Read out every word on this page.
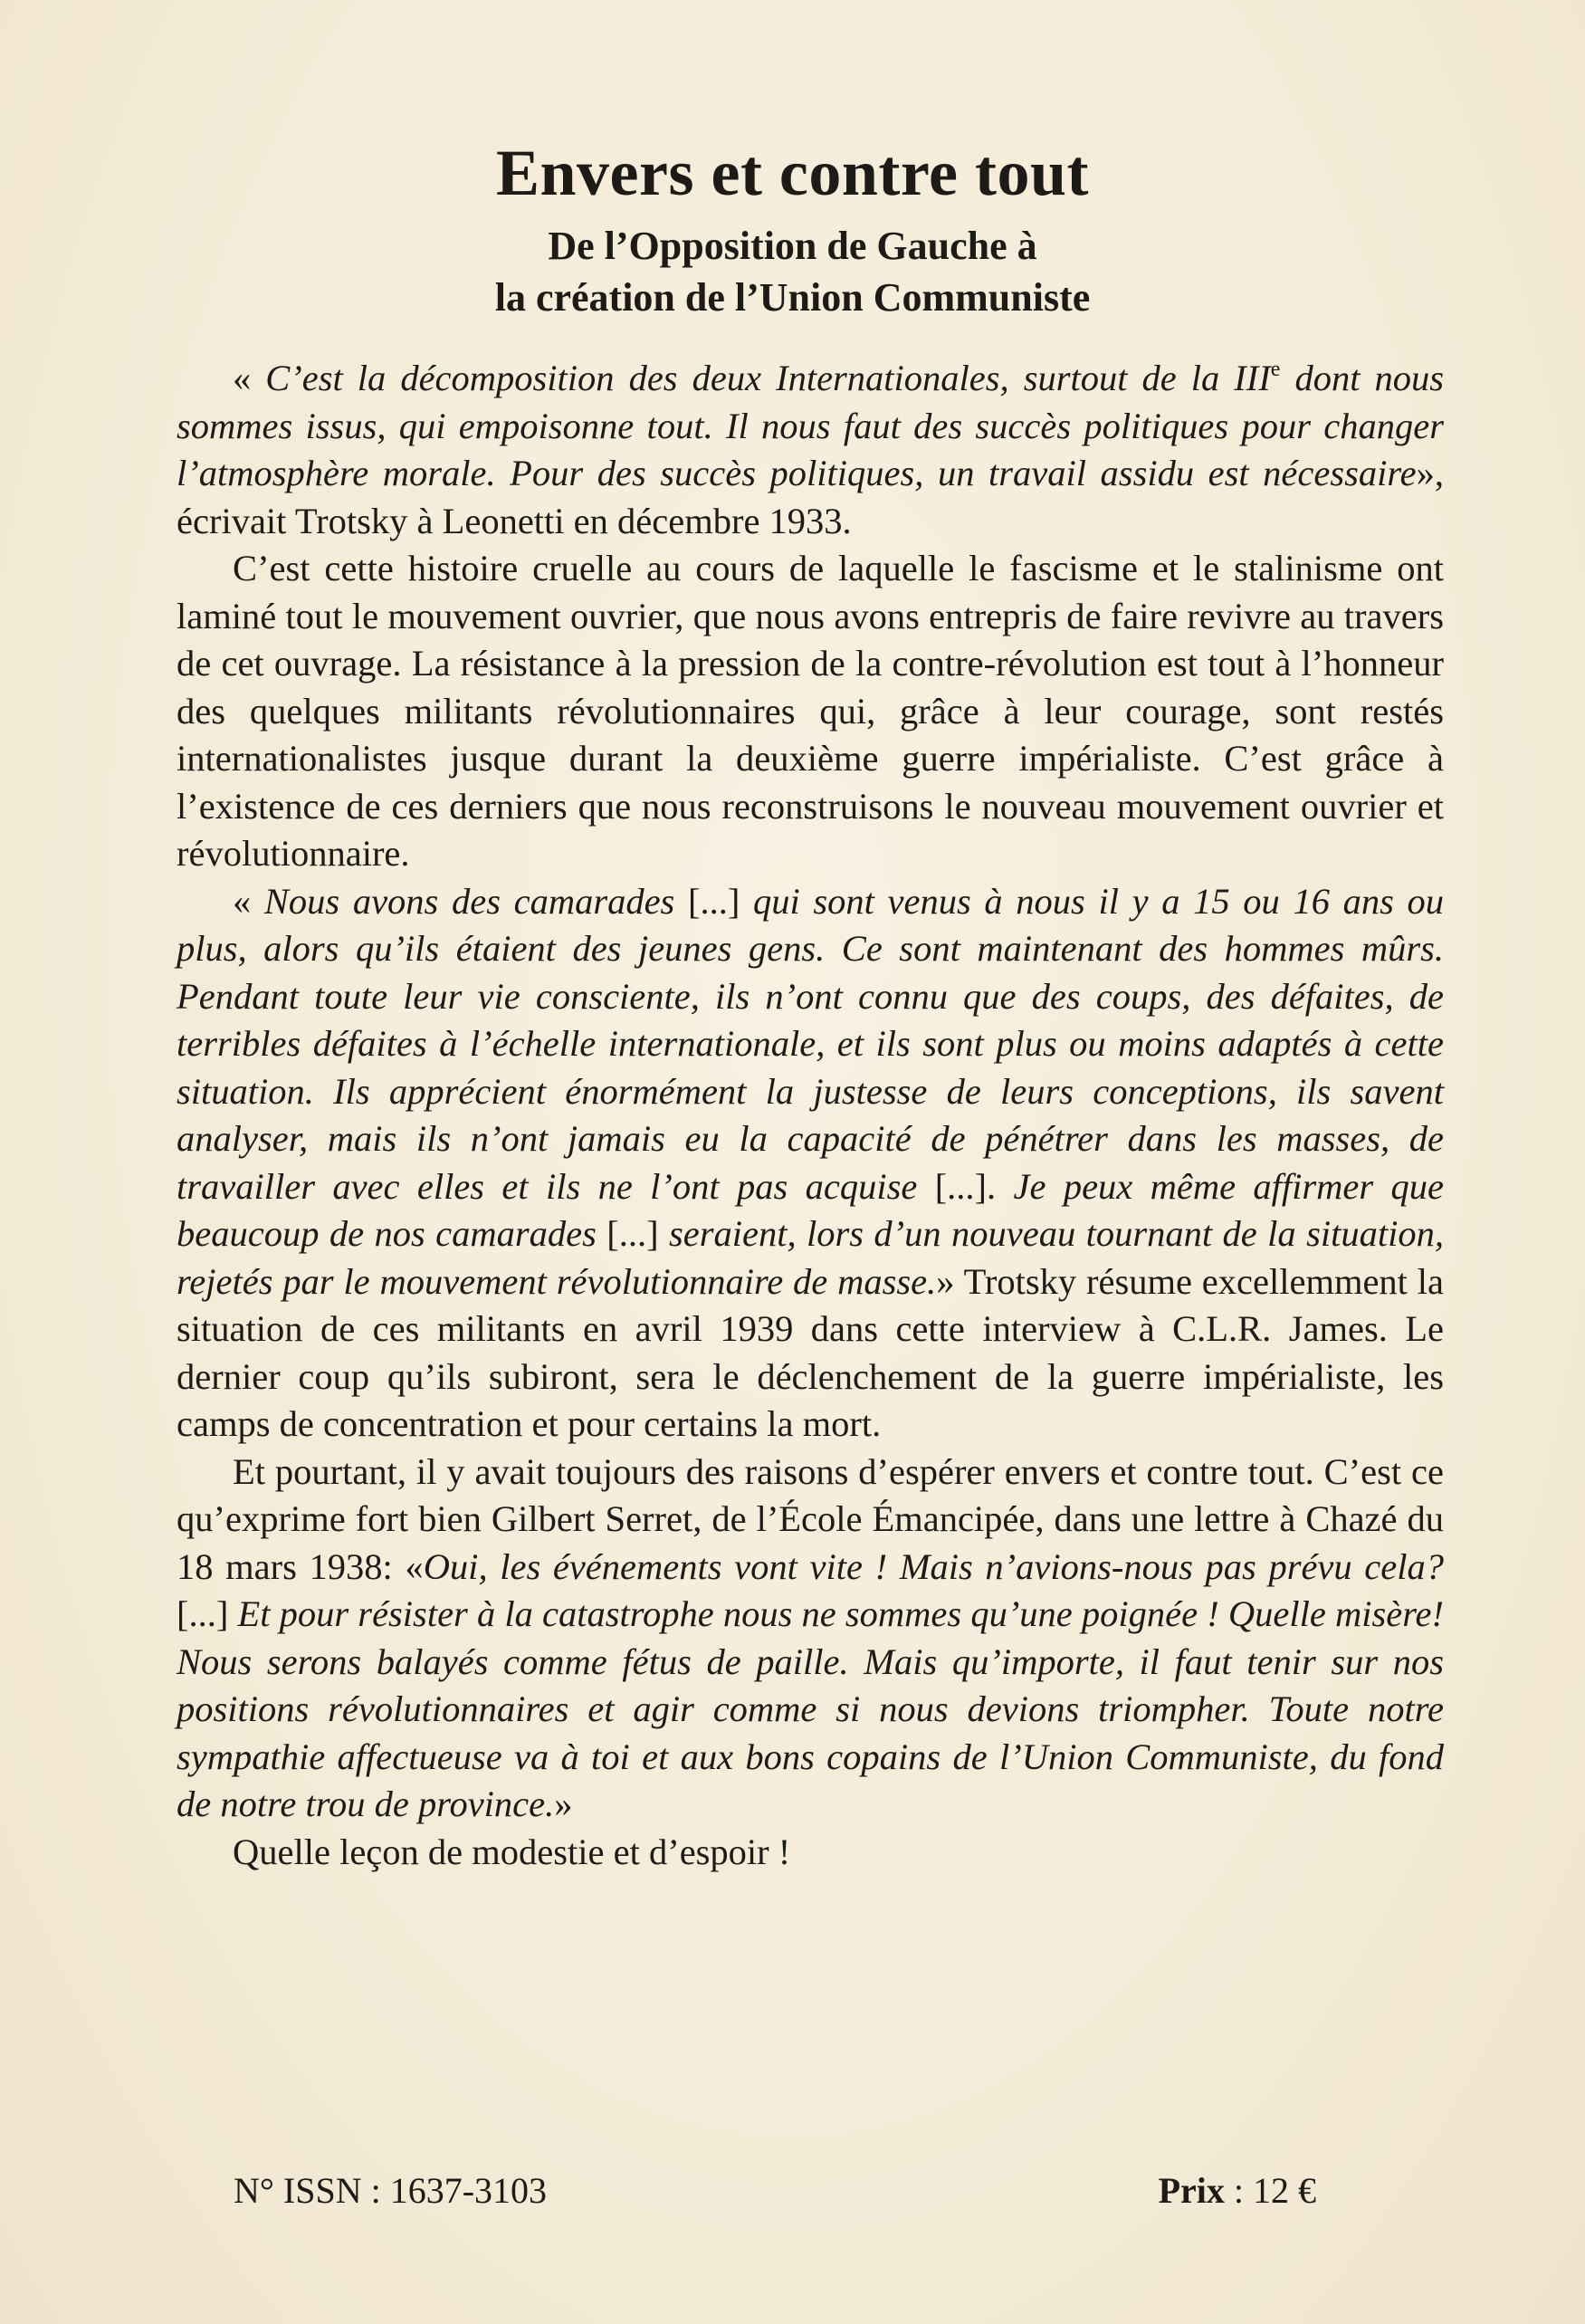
Envers et contre tout
De l’Opposition de Gauche à
la création de l’Union Communiste

« C’est la décomposition des deux Internationales, surtout de la IIIe dont nous sommes issus, qui empoisonne tout. Il nous faut des succès politiques pour changer l’atmosphère morale. Pour des succès politiques, un travail assidu est nécessaire», écrivait Trotsky à Leonetti en décembre 1933.

C’est cette histoire cruelle au cours de laquelle le fascisme et le stalinisme ont laminé tout le mouvement ouvrier, que nous avons entrepris de faire revivre au travers de cet ouvrage. La résistance à la pression de la contre-révolution est tout à l’honneur des quelques militants révolutionnaires qui, grâce à leur courage, sont restés internationalistes jusque durant la deuxième guerre impérialiste. C’est grâce à l’existence de ces derniers que nous reconstruisons le nouveau mouvement ouvrier et révolutionnaire.

« Nous avons des camarades [...] qui sont venus à nous il y a 15 ou 16 ans ou plus, alors qu’ils étaient des jeunes gens. Ce sont maintenant des hommes mûrs. Pendant toute leur vie consciente, ils n’ont connu que des coups, des défaites, de terribles défaites à l’échelle internationale, et ils sont plus ou moins adaptés à cette situation. Ils apprécient énormément la justesse de leurs conceptions, ils savent analyser, mais ils n’ont jamais eu la capacité de pénétrer dans les masses, de travailler avec elles et ils ne l’ont pas acquise [...]. Je peux même affirmer que beaucoup de nos camarades [...] seraient, lors d’un nouveau tournant de la situation, rejetés par le mouvement révolutionnaire de masse.» Trotsky résume excellemment la situation de ces militants en avril 1939 dans cette interview à C.L.R. James. Le dernier coup qu’ils subiront, sera le déclenchement de la guerre impérialiste, les camps de concentration et pour certains la mort.

Et pourtant, il y avait toujours des raisons d’espérer envers et contre tout. C’est ce qu’exprime fort bien Gilbert Serret, de l’École Émancipée, dans une lettre à Chazé du 18 mars 1938: «Oui, les événements vont vite ! Mais n’avions-nous pas prévu cela? [...] Et pour résister à la catastrophe nous ne sommes qu’une poignée ! Quelle misère! Nous serons balayés comme fétus de paille. Mais qu’importe, il faut tenir sur nos positions révolutionnaires et agir comme si nous devions triompher. Toute notre sympathie affectueuse va à toi et aux bons copains de l’Union Communiste, du fond de notre trou de province.»

Quelle leçon de modestie et d’espoir !

N° ISSN : 1637-3103	Prix : 12 €
